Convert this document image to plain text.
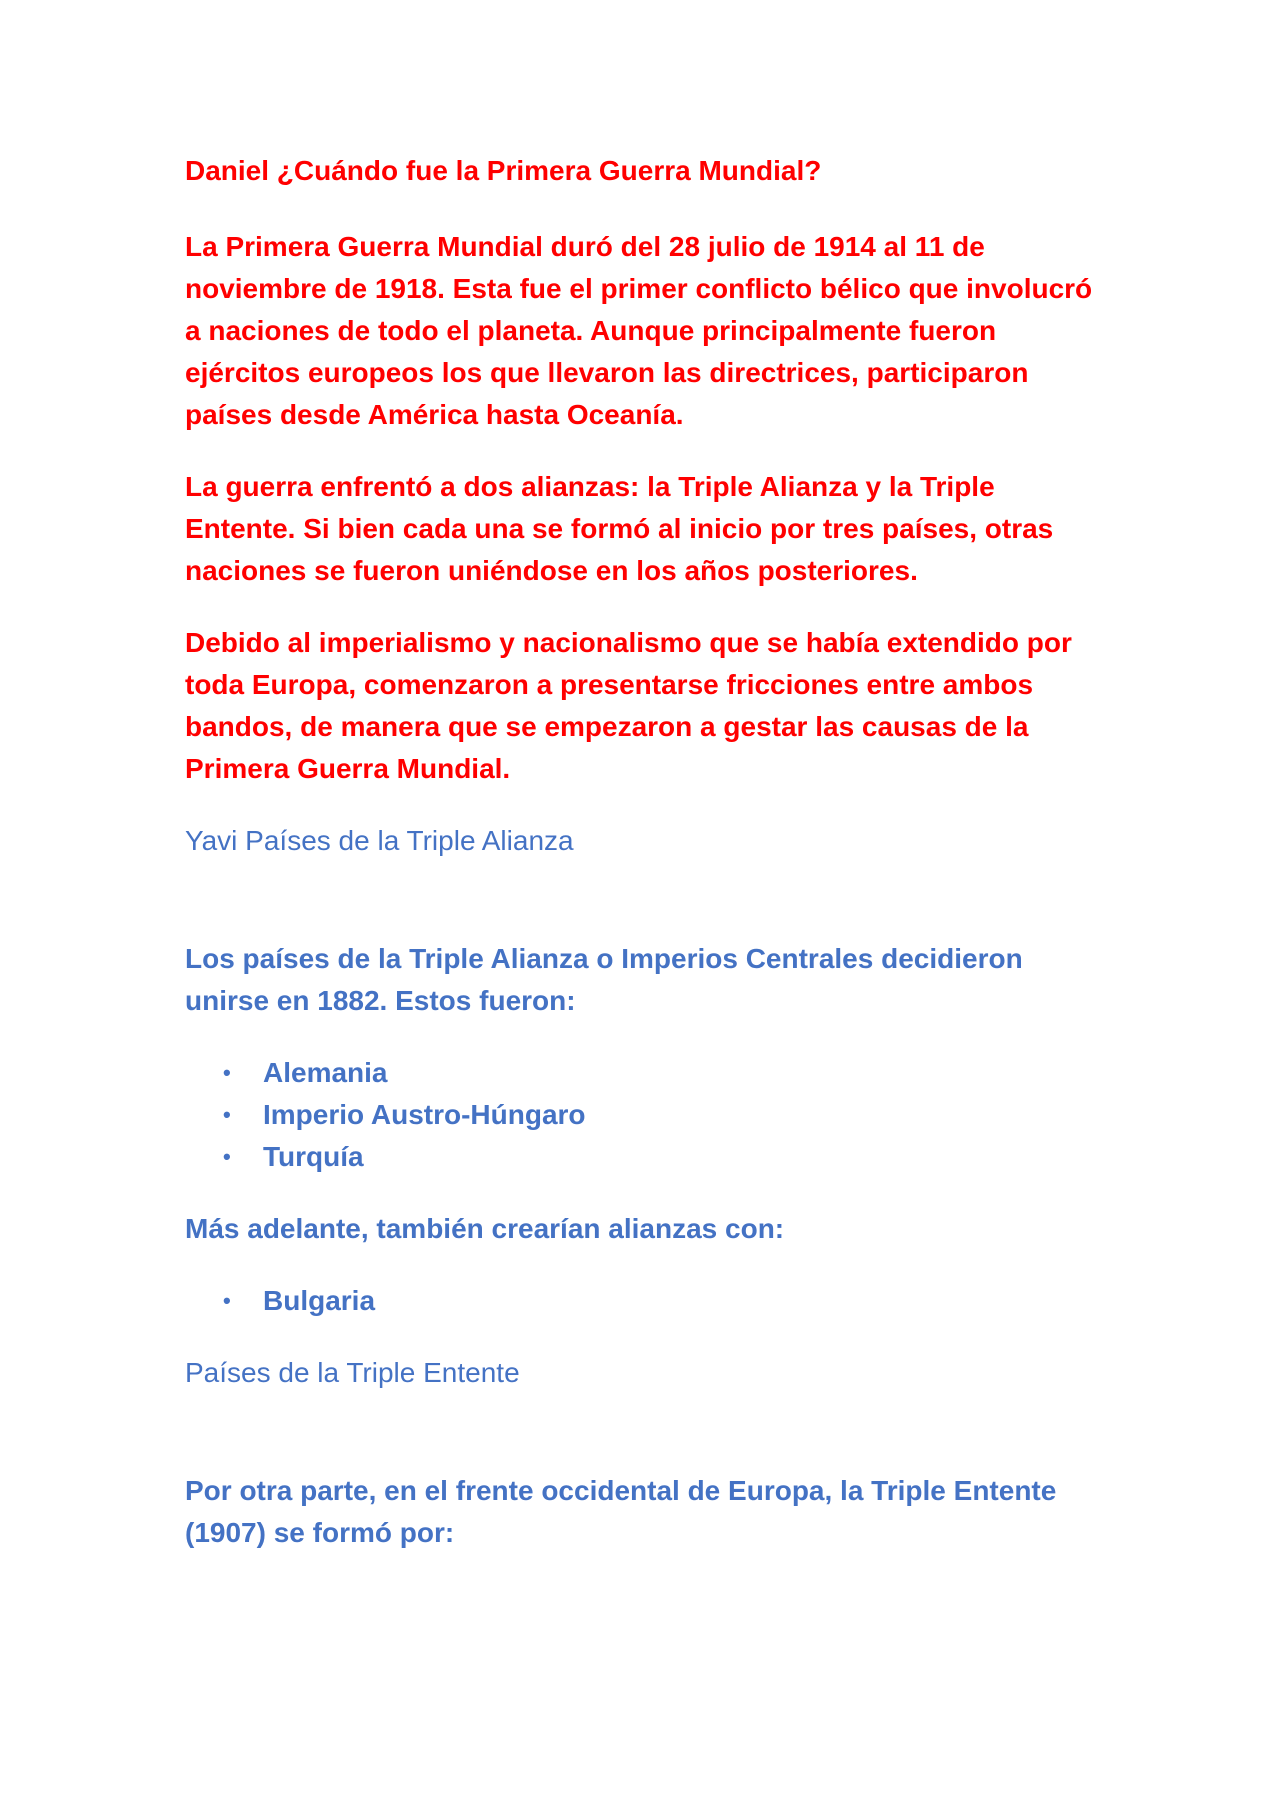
Daniel ¿Cuándo fue la Primera Guerra Mundial?

La Primera Guerra Mundial duró del 28 julio de 1914 al 11 de noviembre de 1918. Esta fue el primer conflicto bélico que involucró a naciones de todo el planeta. Aunque principalmente fueron ejércitos europeos los que llevaron las directrices, participaron países desde América hasta Oceanía.

La guerra enfrentó a dos alianzas: la Triple Alianza y la Triple Entente. Si bien cada una se formó al inicio por tres países, otras naciones se fueron uniéndose en los años posteriores.

Debido al imperialismo y nacionalismo que se había extendido por toda Europa, comenzaron a presentarse fricciones entre ambos bandos, de manera que se empezaron a gestar las causas de la Primera Guerra Mundial.

Yavi Países de la Triple Alianza

Los países de la Triple Alianza o Imperios Centrales decidieron unirse en 1882. Estos fueron:

• Alemania
• Imperio Austro-Húngaro
• Turquía

Más adelante, también crearían alianzas con:

• Bulgaria

Países de la Triple Entente

Por otra parte, en el frente occidental de Europa, la Triple Entente (1907) se formó por:
